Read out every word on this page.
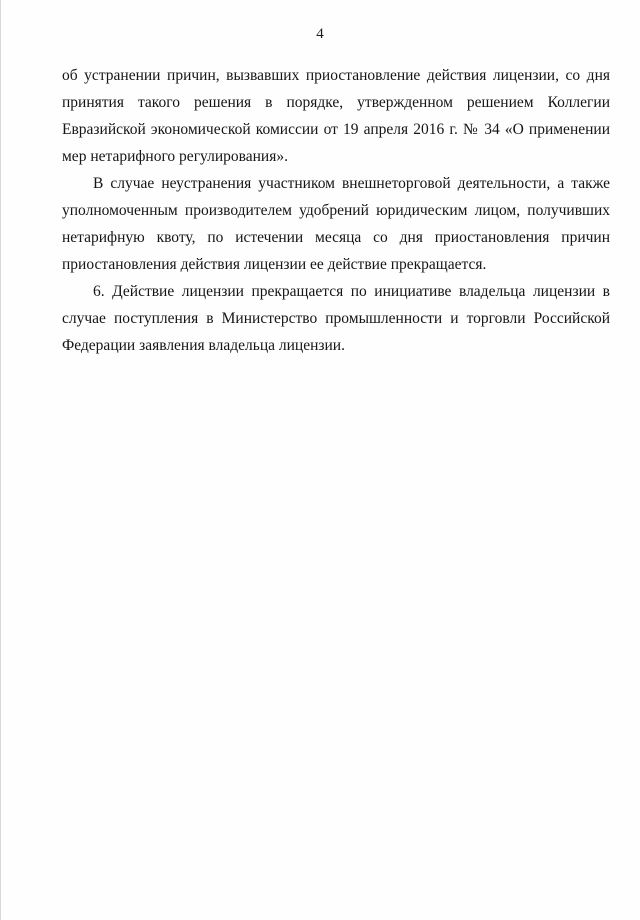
4

об устранении причин, вызвавших приостановление действия лицензии, со дня принятия такого решения в порядке, утвержденном решением Коллегии Евразийской экономической комиссии от 19 апреля 2016 г. № 34 «О применении мер нетарифного регулирования».

В случае неустранения участником внешнеторговой деятельности, а также уполномоченным производителем удобрений юридическим лицом, получивших нетарифную квоту, по истечении месяца со дня приостановления причин приостановления действия лицензии ее действие прекращается.

6. Действие лицензии прекращается по инициативе владельца лицензии в случае поступления в Министерство промышленности и торговли Российской Федерации заявления владельца лицензии.
